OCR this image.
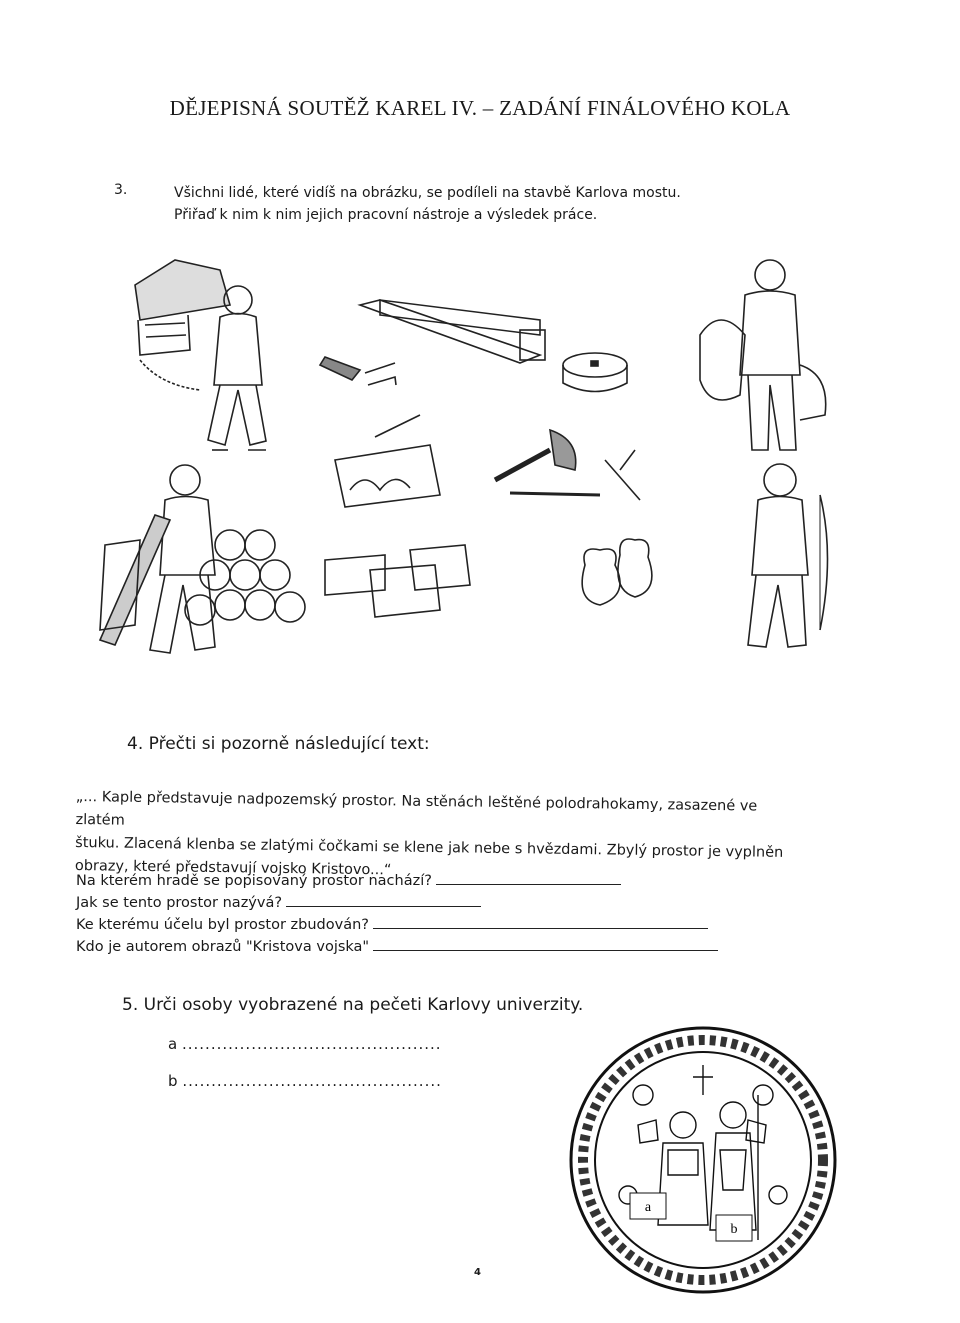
DĚJEPISNÁ SOUTĚŽ KAREL IV. – ZADÁNÍ FINÁLOVÉHO KOLA
3.	Všichni lidé, které vidíš na obrázku, se podíleli na stavbě Karlova mostu.
Přiřaď k nim k nim jejich pracovní nástroje a výsledek práce.
4. Přečti si pozorně následující text:
„... Kaple představuje nadpozemský prostor. Na stěnách leštěné polodrahokamy, zasazené ve zlatém
štuku. Zlacená klenba se zlatými čočkami se klene jak nebe s hvězdami. Zbylý prostor je vyplněn
obrazy, které představují vojsko Kristovo...“
Na kterém hradě se popisovaný prostor nachází?
Jak se tento prostor nazývá?
Ke kterému účelu byl prostor zbudován?
Kdo je autorem obrazů "Kristova vojska"
5. Urči osoby vyobrazené na pečeti Karlovy univerzity.
a .............................................
b .............................................
a
b
4
